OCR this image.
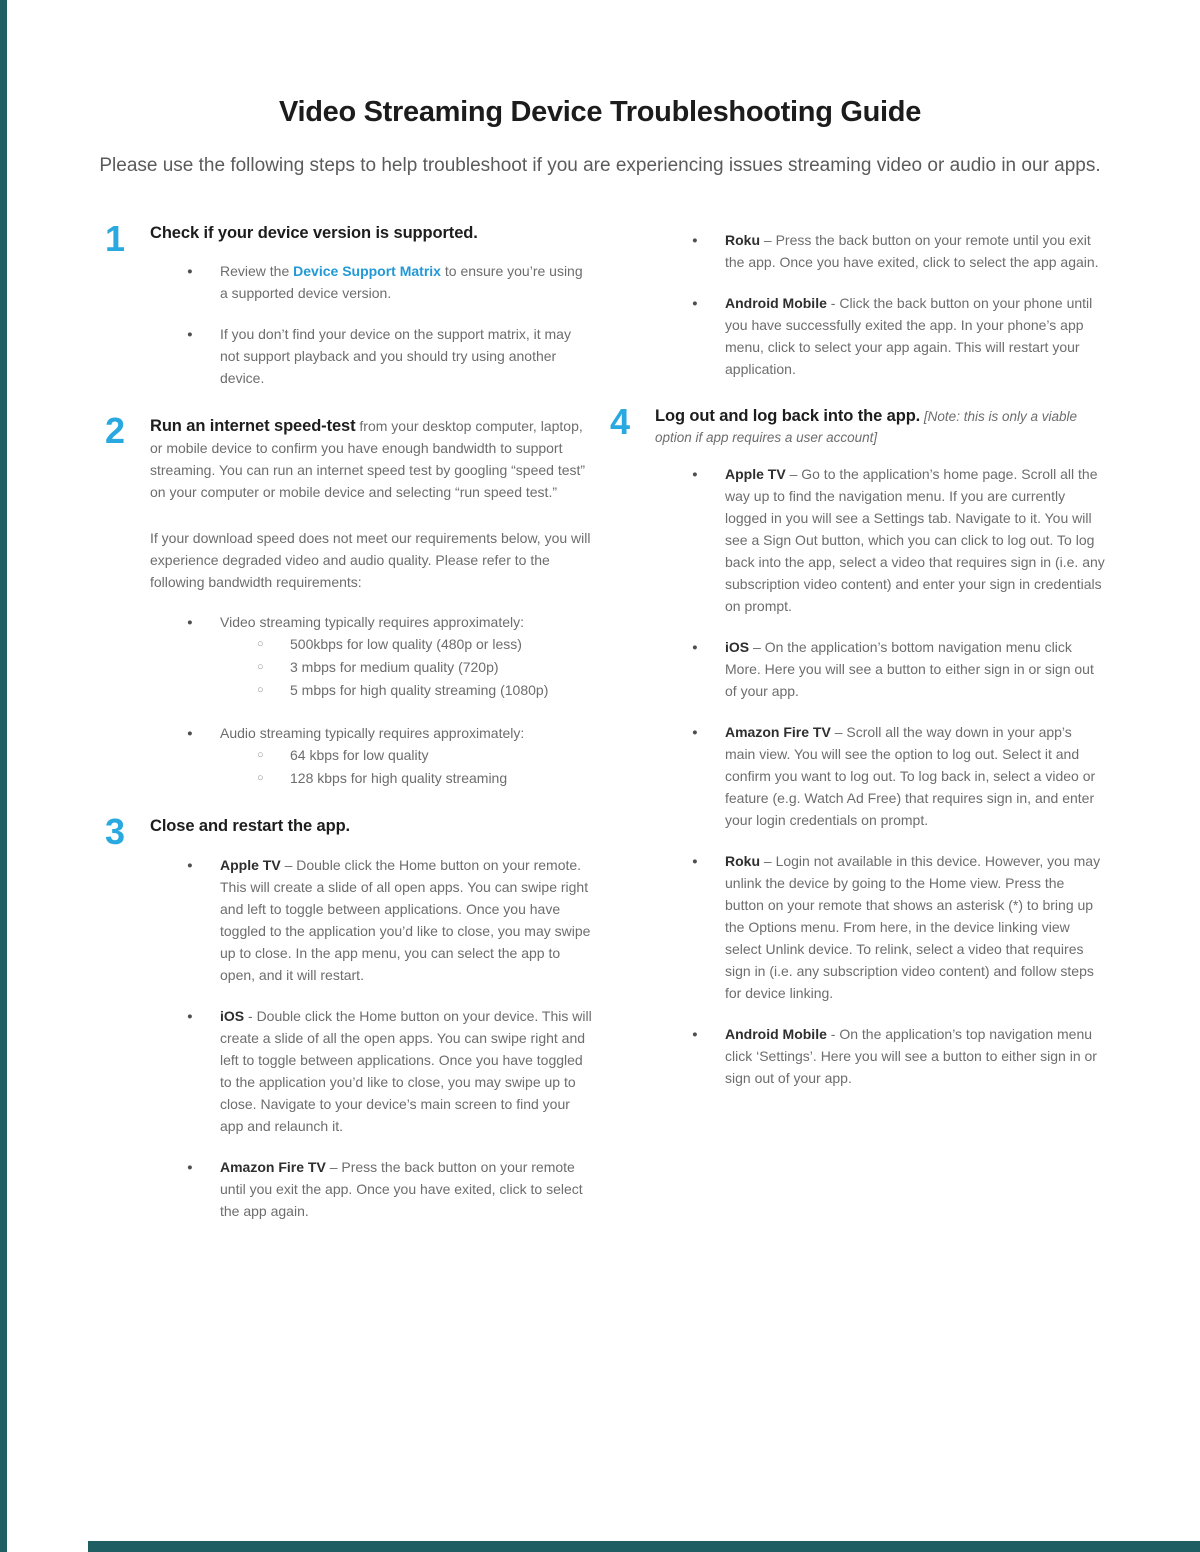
Video Streaming Device Troubleshooting Guide

Please use the following steps to help troubleshoot if you are experiencing issues streaming video or audio in our apps.

1	Check if your device version is supported.
● Review the Device Support Matrix to ensure you’re using a supported device version.
● If you don’t find your device on the support matrix, it may not support playback and you should try using another device.
2	Run an internet speed-test from your desktop computer, laptop, or mobile device to confirm you have enough bandwidth to support streaming. You can run an internet speed test by googling “speed test” on your computer or mobile device and selecting “run speed test.”

If your download speed does not meet our requirements below, you will experience degraded video and audio quality. Please refer to the following bandwidth requirements:

● Video streaming typically requires approximately:
○ 500kbps for low quality (480p or less)
○ 3 mbps for medium quality (720p)
○ 5 mbps for high quality streaming (1080p)
● Audio streaming typically requires approximately:
○ 64 kbps for low quality
○ 128 kbps for high quality streaming
3	Close and restart the app.
● Apple TV – Double click the Home button on your remote. This will create a slide of all open apps. You can swipe right and left to toggle between applications. Once you have toggled to the application you’d like to close, you may swipe up to close. In the app menu, you can select the app to open, and it will restart.
● iOS - Double click the Home button on your device. This will create a slide of all the open apps. You can swipe right and left to toggle between applications. Once you have toggled to the application you’d like to close, you may swipe up to close. Navigate to your device’s main screen to find your app and relaunch it.
● Amazon Fire TV – Press the back button on your remote until you exit the app. Once you have exited, click to select the app again.
● Roku – Press the back button on your remote until you exit the app. Once you have exited, click to select the app again.
● Android Mobile - Click the back button on your phone until you have successfully exited the app. In your phone’s app menu, click to select your app again. This will restart your application.
4	Log out and log back into the app. [Note: this is only a viable option if app requires a user account]
● Apple TV – Go to the application’s home page. Scroll all the way up to find the navigation menu. If you are currently logged in you will see a Settings tab. Navigate to it. You will see a Sign Out button, which you can click to log out. To log back into the app, select a video that requires sign in (i.e. any subscription video content) and enter your sign in credentials on prompt.
● iOS – On the application’s bottom navigation menu click More. Here you will see a button to either sign in or sign out of your app.
● Amazon Fire TV – Scroll all the way down in your app’s main view. You will see the option to log out. Select it and confirm you want to log out. To log back in, select a video or feature (e.g. Watch Ad Free) that requires sign in, and enter your login credentials on prompt.
● Roku – Login not available in this device. However, you may unlink the device by going to the Home view. Press the button on your remote that shows an asterisk (*) to bring up the Options menu. From here, in the device linking view select Unlink device. To relink, select a video that requires sign in (i.e. any subscription video content) and follow steps for device linking.
● Android Mobile - On the application’s top navigation menu click ‘Settings’. Here you will see a button to either sign in or sign out of your app.
